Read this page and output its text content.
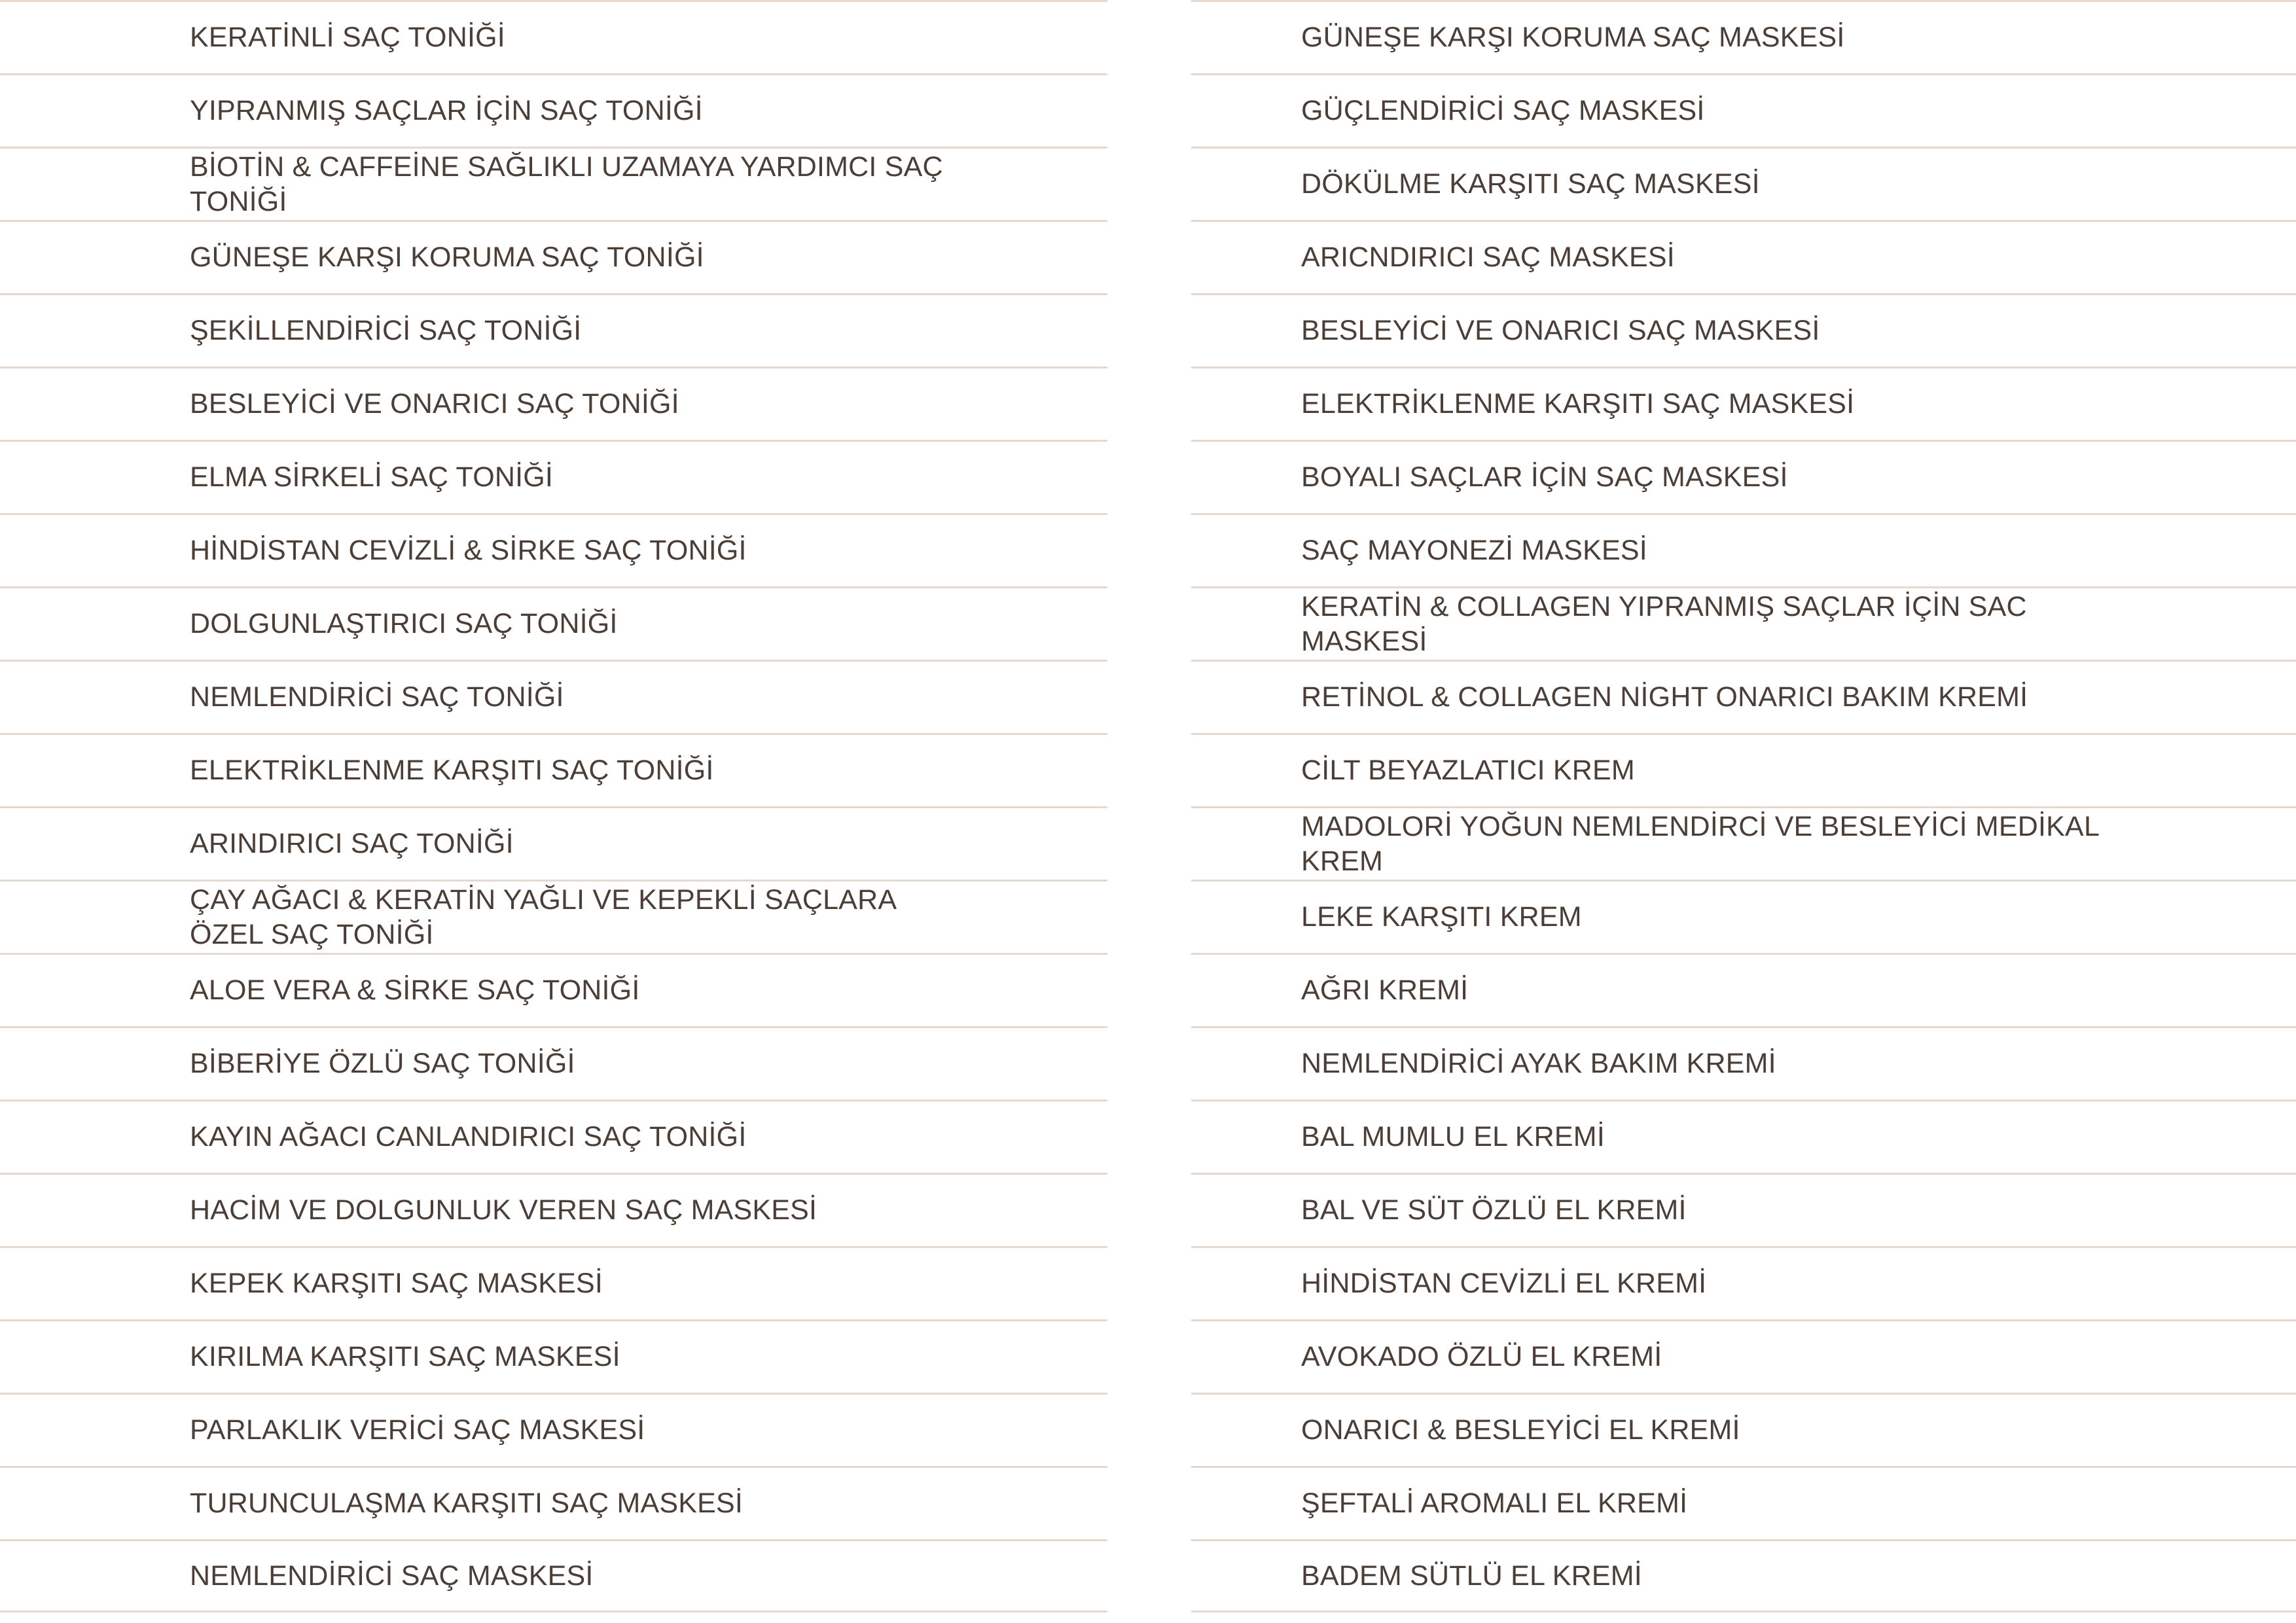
KERATİNLİ SAÇ TONİĞİ
YIPRANMIŞ SAÇLAR İÇİN SAÇ TONİĞİ
BİOTİN & CAFFEİNE SAĞLIKLI UZAMAYA YARDIMCI SAÇ TONİĞİ
GÜNEŞE KARŞI KORUMA SAÇ TONİĞİ
ŞEKİLLENDİRİCİ SAÇ TONİĞİ
BESLEYİCİ VE ONARICI SAÇ TONİĞİ
ELMA SİRKELİ SAÇ TONİĞİ
HİNDİSTAN CEVİZLİ & SİRKE SAÇ TONİĞİ
DOLGUNLAŞTIRICI SAÇ TONİĞİ
NEMLENDİRİCİ SAÇ TONİĞİ
ELEKTRİKLENME KARŞITI SAÇ TONİĞİ
ARINDIRICI SAÇ TONİĞİ
ÇAY AĞACI & KERATİN YAĞLI VE KEPEKLİ SAÇLARA ÖZEL SAÇ TONİĞİ
ALOE VERA & SİRKE SAÇ TONİĞİ
BİBERİYE ÖZLÜ SAÇ TONİĞİ
KAYIN AĞACI CANLANDIRICI SAÇ TONİĞİ
HACİM VE DOLGUNLUK VEREN SAÇ MASKESİ
KEPEK KARŞITI SAÇ MASKESİ
KIRILMA KARŞITI SAÇ MASKESİ
PARLAKLIK VERİCİ SAÇ MASKESİ
TURUNCULAŞMA KARŞITI SAÇ MASKESİ
NEMLENDİRİCİ SAÇ MASKESİ
GÜNEŞE KARŞI KORUMA SAÇ MASKESİ
GÜÇLENDİRİCİ SAÇ MASKESİ
DÖKÜLME KARŞITI SAÇ MASKESİ
ARICNDIRICI SAÇ MASKESİ
BESLEYİCİ VE ONARICI SAÇ MASKESİ
ELEKTRİKLENME KARŞITI SAÇ MASKESİ
BOYALI SAÇLAR İÇİN SAÇ MASKESİ
SAÇ MAYONEZİ MASKESİ
KERATİN & COLLAGEN YIPRANMIŞ SAÇLAR İÇİN SAC MASKESİ
RETİNOL & COLLAGEN NİGHT ONARICI BAKIM KREMİ
CİLT BEYAZLATICI KREM
MADOLORİ YOĞUN NEMLENDİRCİ VE BESLEYİCİ MEDİKAL KREM
LEKE KARŞITI KREM
AĞRI KREMİ
NEMLENDİRİCİ AYAK BAKIM KREMİ
BAL MUMLU EL KREMİ
BAL VE SÜT ÖZLÜ EL KREMİ
HİNDİSTAN CEVİZLİ EL KREMİ
AVOKADO ÖZLÜ EL KREMİ
ONARICI & BESLEYİCİ EL KREMİ
ŞEFTALİ AROMALI EL KREMİ
BADEM SÜTLÜ EL KREMİ
